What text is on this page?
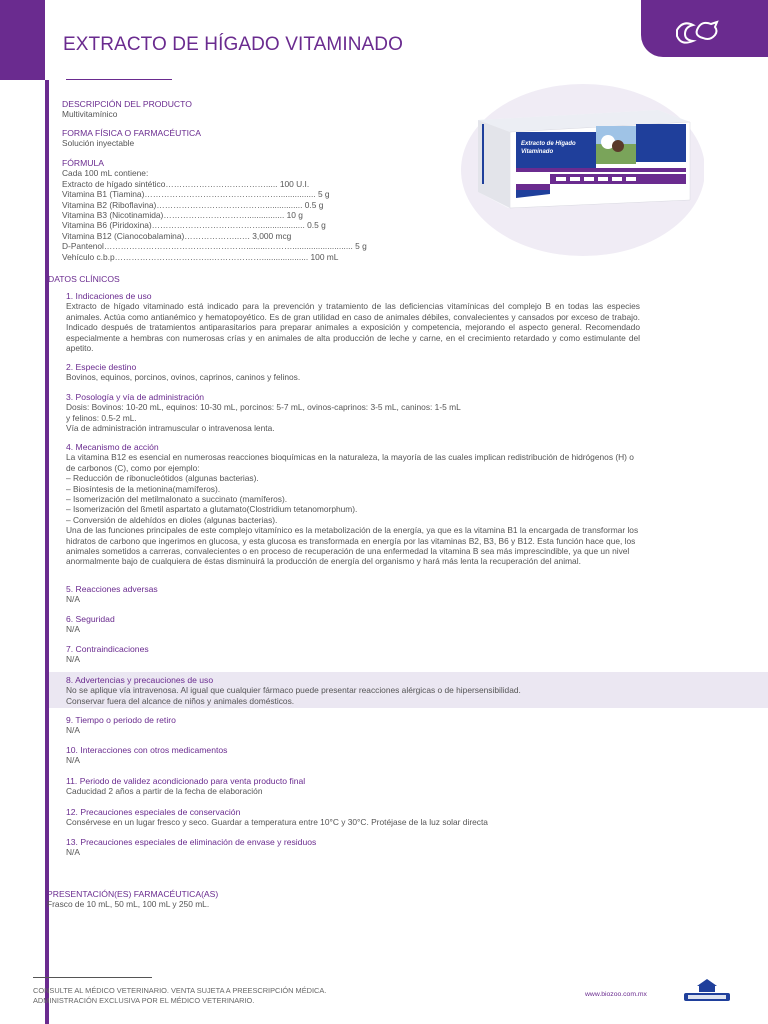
EXTRACTO DE HÍGADO VITAMINADO
Extracto de Hígado
Vitaminado
DESCRIPCIÓN DEL PRODUCTO
Multivitamínico
FORMA FÍSICA O FARMACÉUTICA
Solución inyectable
FÓRMULA
Cada 100 mL contiene:
Extracto de hígado sintético………………………………..... 100 U.I.
Vitamina B1 (Tiamina)…………………………………………................ 5 g
Vitamina B2 (Riboflavina)…………………………………................ 0.5 g
Vitamina B3 (Nicotinamida)…………………………................ 10 g
Vitamina B6 (Piridoxina)…………………………………................... 0.5 g
Vitamina B12 (Cianocobalamina)………………..…. 3,000 mcg
D-Pantenol…………………………………………….........……….......................... 5 g
Vehículo c.b.p……………………………..……………….................... 100 mL
DATOS CLÍNICOS
1. Indicaciones de uso
Extracto de hígado vitaminado está indicado para la prevención y tratamiento de las deficiencias vitamínicas del complejo B en todas las especies animales. Actúa como antianémico y hematopoyético. Es de gran utilidad en caso de animales débiles, convalecientes y cansados por exceso de trabajo. Indicado después de tratamientos antiparasitarios para preparar animales a exposición y competencia, mejorando el aspecto general. Recomendado especialmente a hembras con numerosas crías y en animales de alta producción de leche y carne, en el crecimiento retardado y como estimulante del apetito.
2. Especie destino
Bovinos, equinos, porcinos, ovinos, caprinos, caninos y felinos.
3. Posología y vía de administración
Dosis: Bovinos: 10-20 mL, equinos: 10-30 mL, porcinos: 5-7 mL, ovinos-caprinos: 3-5 mL, caninos: 1-5 mL
y felinos: 0.5-2 mL.
Vía de administración intramuscular o intravenosa lenta.
4. Mecanismo de acción
La vitamina B12 es esencial en numerosas reacciones bioquímicas en la naturaleza, la mayoría de las cuales implican redistribución de hidrógenos (H) o de carbonos (C), como por ejemplo:
– Reducción de ribonucleótidos (algunas bacterias).
– Biosíntesis de la metionina(mamíferos).
– Isomerización del metilmalonato a succinato (mamíferos).
– Isomerización del ßmetil aspartato a glutamato(Clostridium tetanomorphum).
– Conversión de aldehídos en dioles (algunas bacterias).
Una de las funciones principales de este complejo vitamínico es la metabolización de la energía, ya que es la vitamina B1 la encargada de transformar los hidratos de carbono que ingerimos en glucosa, y esta glucosa es transformada en energía por las vitaminas B2, B3, B6 y B12. Esta función hace que, los animales sometidos a carreras, convalecientes o en proceso de recuperación de una enfermedad la vitamina B sea más imprescindible, ya que un nivel anormalmente bajo de cualquiera de éstas disminuirá la producción de energía del organismo y hará más lenta la recuperación del animal.
5. Reacciones adversas
N/A
6. Seguridad
N/A
7. Contraindicaciones
N/A
8. Advertencias y precauciones de uso
No se aplique vía intravenosa. Al igual que cualquier fármaco puede presentar reacciones alérgicas o de hipersensibilidad.
Conservar fuera del alcance de niños y animales domésticos.
9. Tiempo o periodo de retiro
N/A
10. Interacciones con otros medicamentos
N/A
11. Periodo de validez acondicionado para venta producto final
Caducidad 2 años a partir de la fecha de elaboración
12. Precauciones especiales de conservación
Consérvese en un lugar fresco y seco. Guardar a temperatura entre 10°C y 30°C. Protéjase de la luz solar directa
13. Precauciones especiales de eliminación de envase y residuos
N/A
PRESENTACIÓN(ES) FARMACÉUTICA(AS)
Frasco de 10 mL, 50 mL, 100 mL y 250 mL.
CONSULTE AL MÉDICO VETERINARIO. VENTA SUJETA A PREESCRIPCIÓN MÉDICA.
ADMINISTRACIÓN EXCLUSIVA POR EL MÉDICO VETERINARIO.
www.biozoo.com.mx
